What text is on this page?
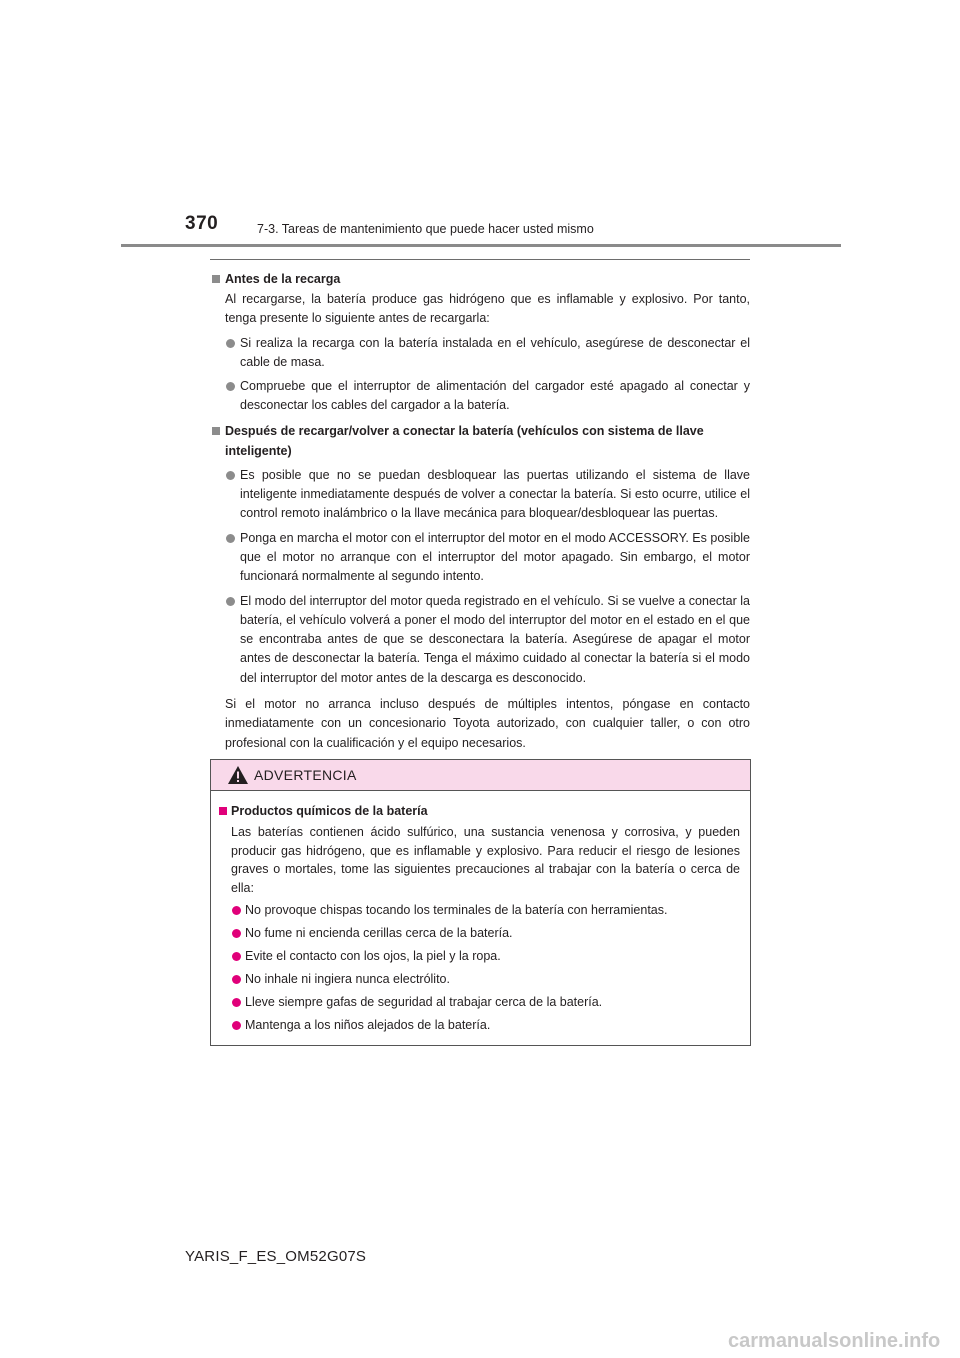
370	7-3. Tareas de mantenimiento que puede hacer usted mismo
Antes de la recarga
Al recargarse, la batería produce gas hidrógeno que es inflamable y explosivo. Por tanto, tenga presente lo siguiente antes de recargarla:
Si realiza la recarga con la batería instalada en el vehículo, asegúrese de desconectar el cable de masa.
Compruebe que el interruptor de alimentación del cargador esté apagado al conectar y desconectar los cables del cargador a la batería.
Después de recargar/volver a conectar la batería (vehículos con sistema de llave inteligente)
Es posible que no se puedan desbloquear las puertas utilizando el sistema de llave inteligente inmediatamente después de volver a conectar la batería. Si esto ocurre, utilice el control remoto inalámbrico o la llave mecánica para bloquear/desbloquear las puertas.
Ponga en marcha el motor con el interruptor del motor en el modo ACCESSORY. Es posible que el motor no arranque con el interruptor del motor apagado. Sin embargo, el motor funcionará normalmente al segundo intento.
El modo del interruptor del motor queda registrado en el vehículo. Si se vuelve a conectar la batería, el vehículo volverá a poner el modo del interruptor del motor en el estado en el que se encontraba antes de que se desconectara la batería. Asegúrese de apagar el motor antes de desconectar la batería. Tenga el máximo cuidado al conectar la batería si el modo del interruptor del motor antes de la descarga es desconocido.
Si el motor no arranca incluso después de múltiples intentos, póngase en contacto inmediatamente con un concesionario Toyota autorizado, con cualquier taller, o con otro profesional con la cualificación y el equipo necesarios.
ADVERTENCIA
Productos químicos de la batería
Las baterías contienen ácido sulfúrico, una sustancia venenosa y corrosiva, y pueden producir gas hidrógeno, que es inflamable y explosivo. Para reducir el riesgo de lesiones graves o mortales, tome las siguientes precauciones al trabajar con la batería o cerca de ella:
No provoque chispas tocando los terminales de la batería con herramientas.
No fume ni encienda cerillas cerca de la batería.
Evite el contacto con los ojos, la piel y la ropa.
No inhale ni ingiera nunca electrólito.
Lleve siempre gafas de seguridad al trabajar cerca de la batería.
Mantenga a los niños alejados de la batería.
YARIS_F_ES_OM52G07S
carmanualsonline.info
